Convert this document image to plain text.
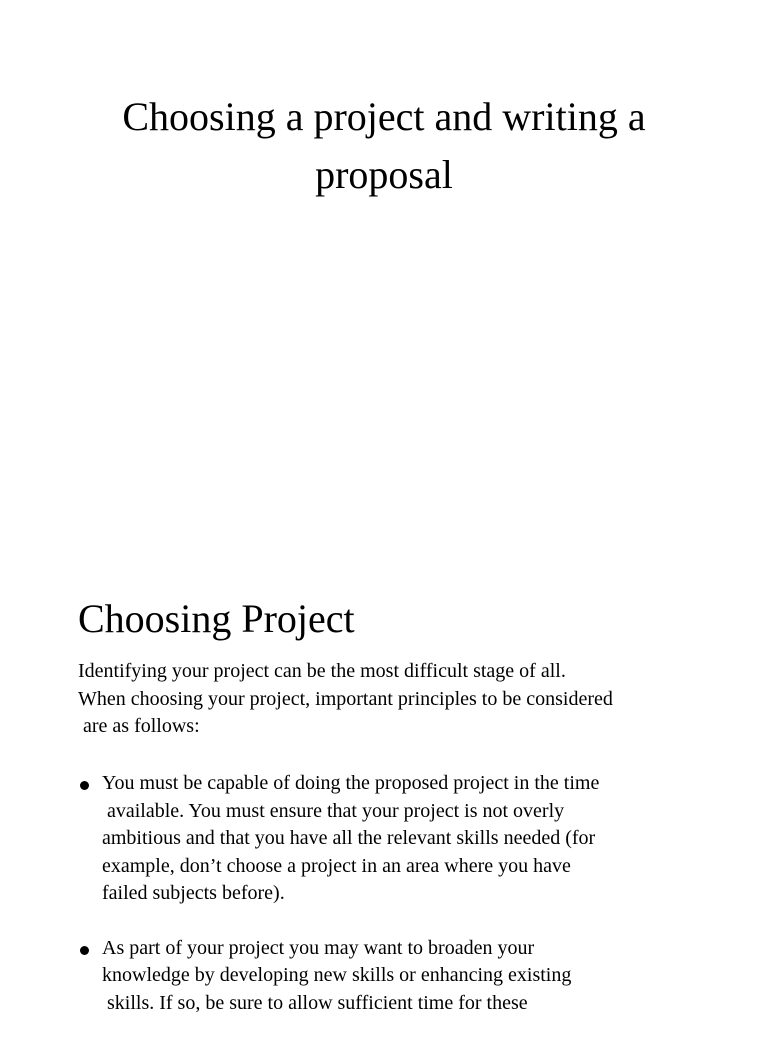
Choosing a project and writing a
proposal
Choosing Project

Identifying your project can be the most difficult stage of all.
When choosing your project, important principles to be considered
are as follows:

You must be capable of doing the proposed project in the time
available. You must ensure that your project is not overly
ambitious and that you have all the relevant skills needed (for
example, don’t choose a project in an area where you have
failed subjects before).
As part of your project you may want to broaden your
knowledge by developing new skills or enhancing existing
skills. If so, be sure to allow sufficient time for these
